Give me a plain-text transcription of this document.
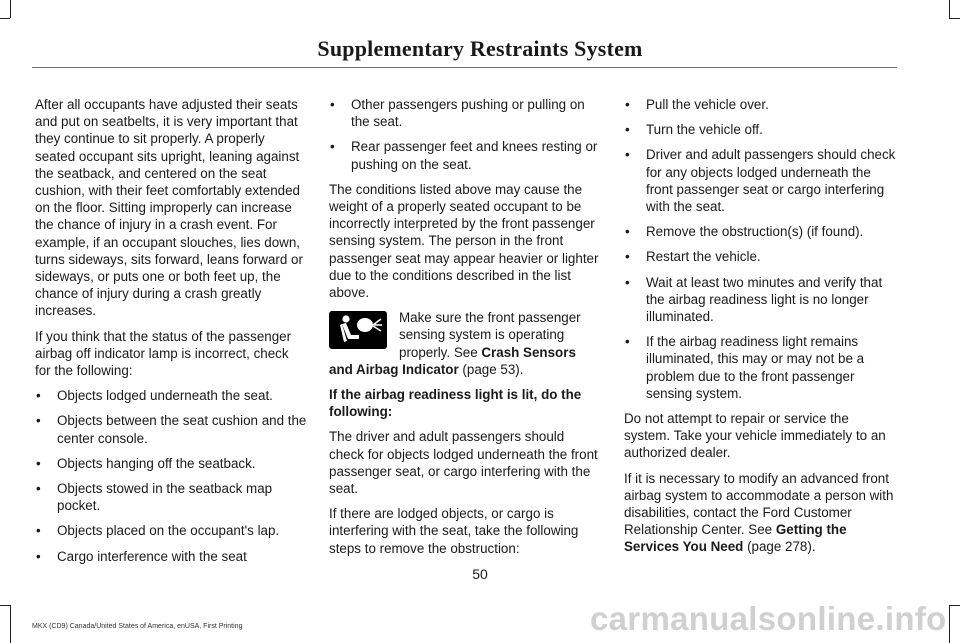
Supplementary Restraints System

After all occupants have adjusted their seats and put on seatbelts, it is very important that they continue to sit properly. A properly seated occupant sits upright, leaning against the seatback, and centered on the seat cushion, with their feet comfortably extended on the floor. Sitting improperly can increase the chance of injury in a crash event. For example, if an occupant slouches, lies down, turns sideways, sits forward, leans forward or sideways, or puts one or both feet up, the chance of injury during a crash greatly increases.

If you think that the status of the passenger airbag off indicator lamp is incorrect, check for the following:

• Objects lodged underneath the seat.
• Objects between the seat cushion and the center console.
• Objects hanging off the seatback.
• Objects stowed in the seatback map pocket.
• Objects placed on the occupant's lap.
• Cargo interference with the seat
• Other passengers pushing or pulling on the seat.
• Rear passenger feet and knees resting or pushing on the seat.

The conditions listed above may cause the weight of a properly seated occupant to be incorrectly interpreted by the front passenger sensing system. The person in the front passenger seat may appear heavier or lighter due to the conditions described in the list above.

Make sure the front passenger sensing system is operating properly. See Crash Sensors and Airbag Indicator (page 53).

If the airbag readiness light is lit, do the following:

The driver and adult passengers should check for objects lodged underneath the front passenger seat, or cargo interfering with the seat.

If there are lodged objects, or cargo is interfering with the seat, take the following steps to remove the obstruction:

• Pull the vehicle over.
• Turn the vehicle off.
• Driver and adult passengers should check for any objects lodged underneath the front passenger seat or cargo interfering with the seat.
• Remove the obstruction(s) (if found).
• Restart the vehicle.
• Wait at least two minutes and verify that the airbag readiness light is no longer illuminated.
• If the airbag readiness light remains illuminated, this may or may not be a problem due to the front passenger sensing system.

Do not attempt to repair or service the system. Take your vehicle immediately to an authorized dealer.

If it is necessary to modify an advanced front airbag system to accommodate a person with disabilities, contact the Ford Customer Relationship Center. See Getting the Services You Need (page 278).

50
carmanualsonline.info
MKX (CD9) Canada/United States of America, enUSA, First Printing
